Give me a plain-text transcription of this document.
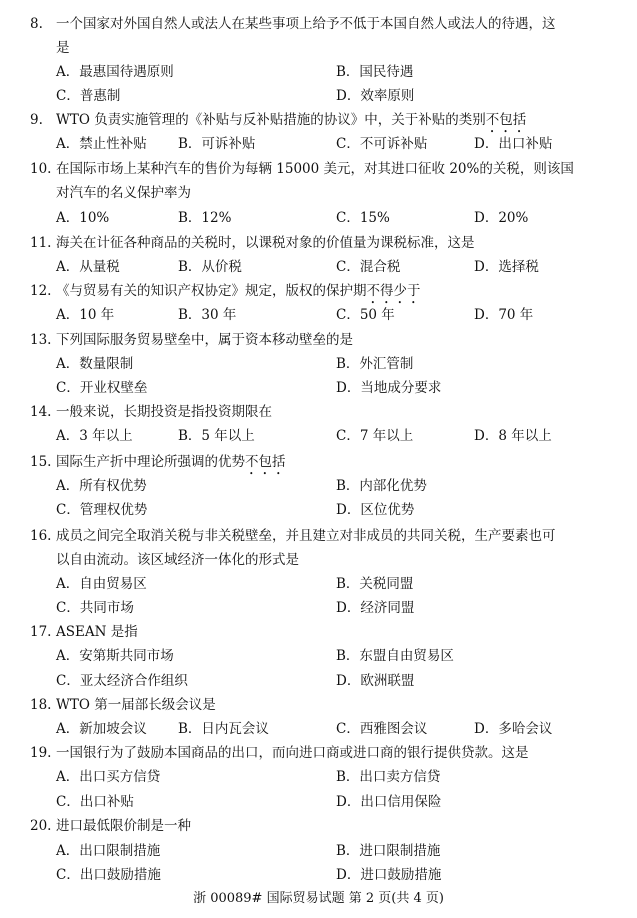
8. 一个国家对外国自然人或法人在某些事项上给予不低于本国自然人或法人的待遇，这
是
A．最惠国待遇原则	B．国民待遇
C．普惠制	D．效率原则
9. WTO 负责实施管理的《补贴与反补贴措施的协议》中，关于补贴的类别不包括
A．禁止性补贴 B．可诉补贴	C．不可诉补贴	D．出口补贴
10. 在国际市场上某种汽车的售价为每辆 15000 美元，对其进口征收 20%的关税，则该国
对汽车的名义保护率为
A．10%	B．12%	C．15%	D．20%
11. 海关在计征各种商品的关税时，以课税对象的价值量为课税标准，这是
A．从量税	B．从价税	C．混合税	D．选择税
12. 《与贸易有关的知识产权协定》规定，版权的保护期不得少于
A．10 年	B．30 年	C．50 年	D．70 年
13. 下列国际服务贸易壁垒中，属于资本移动壁垒的是
A．数量限制	B．外汇管制
C．开业权壁垒	D．当地成分要求
14. 一般来说，长期投资是指投资期限在
A．3 年以上	B．5 年以上	C．7 年以上	D．8 年以上
15. 国际生产折中理论所强调的优势不包括
A．所有权优势	B．内部化优势
C．管理权优势	D．区位优势
16. 成员之间完全取消关税与非关税壁垒，并且建立对非成员的共同关税，生产要素也可
以自由流动。该区域经济一体化的形式是
A．自由贸易区	B．关税同盟
C．共同市场	D．经济同盟
17. ASEAN 是指
A．安第斯共同市场	B．东盟自由贸易区
C．亚太经济合作组织	D．欧洲联盟
18. WTO 第一届部长级会议是
A．新加坡会议 B．日内瓦会议	C．西雅图会议	D．多哈会议
19. 一国银行为了鼓励本国商品的出口，而向进口商或进口商的银行提供贷款。这是
A．出口买方信贷	B．出口卖方信贷
C．出口补贴	D．出口信用保险
20. 进口最低限价制是一种
A．出口限制措施	B．进口限制措施
C．出口鼓励措施	D．进口鼓励措施
浙 00089# 国际贸易试题 第 2 页(共 4 页)
